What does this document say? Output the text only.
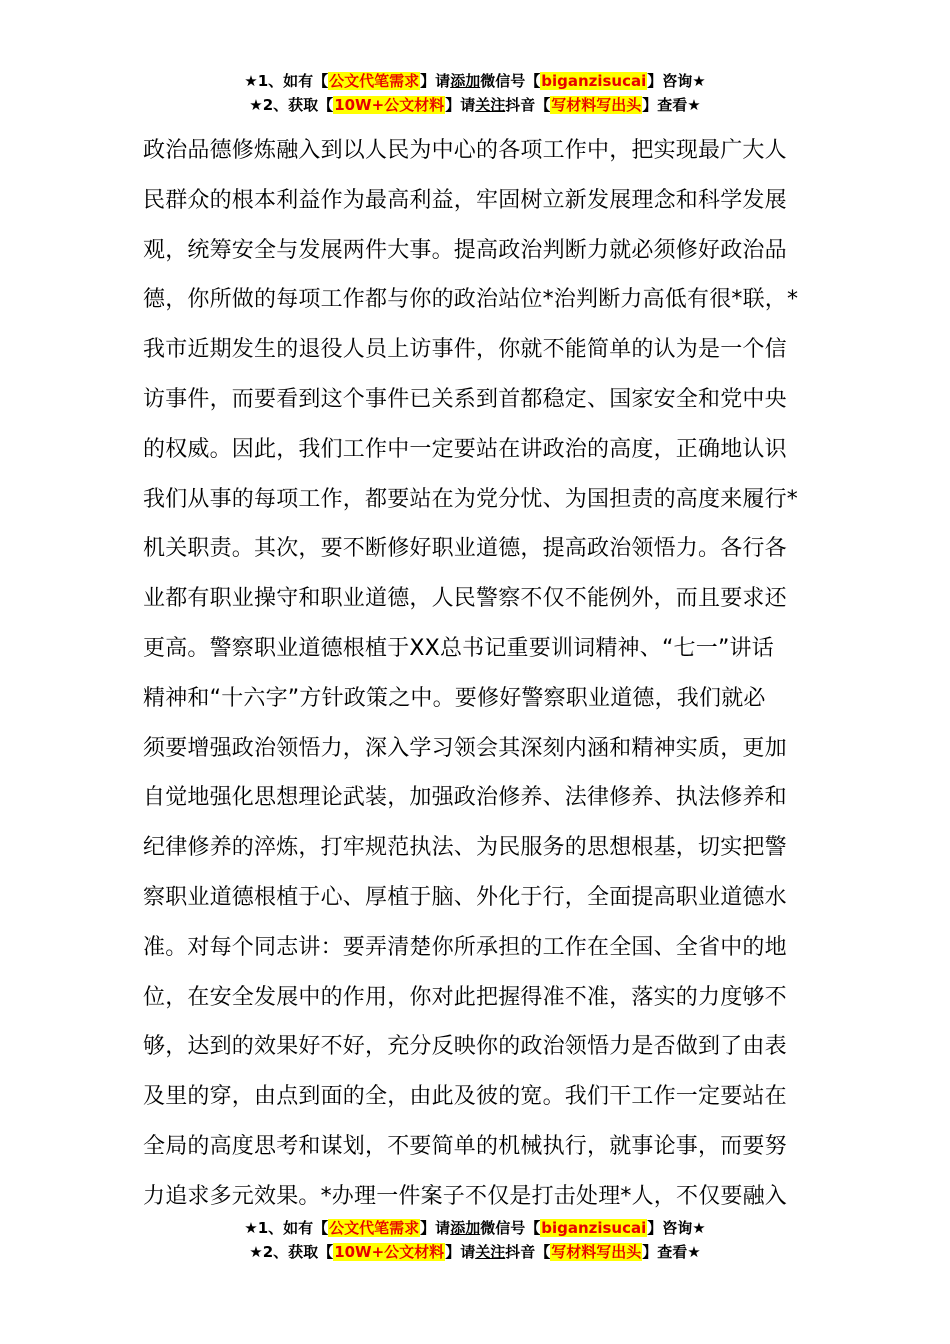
★1、如有【公文代笔需求】请添加微信号【biganzisucai】咨询★
★2、获取【10W+公文材料】请关注抖音【写材料写出头】查看★
政治品德修炼融入到以人民为中心的各项工作中，把实现最广大人
民群众的根本利益作为最高利益，牢固树立新发展理念和科学发展
观，统筹安全与发展两件大事。提高政治判断力就必须修好政治品
德，你所做的每项工作都与你的政治站位*治判断力高低有很*联，*
我市近期发生的退役人员上访事件，你就不能简单的认为是一个信
访事件，而要看到这个事件已关系到首都稳定、国家安全和党中央
的权威。因此，我们工作中一定要站在讲政治的高度，正确地认识
我们从事的每项工作，都要站在为党分忧、为国担责的高度来履行*
机关职责。其次，要不断修好职业道德，提高政治领悟力。各行各
业都有职业操守和职业道德，人民警察不仅不能例外，而且要求还
更高。警察职业道德根植于XX总书记重要训词精神、“七一”讲话
精神和“十六字”方针政策之中。要修好警察职业道德，我们就必
须要增强政治领悟力，深入学习领会其深刻内涵和精神实质，更加
自觉地强化思想理论武装，加强政治修养、法律修养、执法修养和
纪律修养的淬炼，打牢规范执法、为民服务的思想根基，切实把警
察职业道德根植于心、厚植于脑、外化于行，全面提高职业道德水
准。对每个同志讲：要弄清楚你所承担的工作在全国、全省中的地
位，在安全发展中的作用，你对此把握得准不准，落实的力度够不
够，达到的效果好不好，充分反映你的政治领悟力是否做到了由表
及里的穿，由点到面的全，由此及彼的宽。我们干工作一定要站在
全局的高度思考和谋划，不要简单的机械执行，就事论事，而要努
力追求多元效果。*办理一件案子不仅是打击处理*人，不仅要融入
★1、如有【公文代笔需求】请添加微信号【biganzisucai】咨询★
★2、获取【10W+公文材料】请关注抖音【写材料写出头】查看★
